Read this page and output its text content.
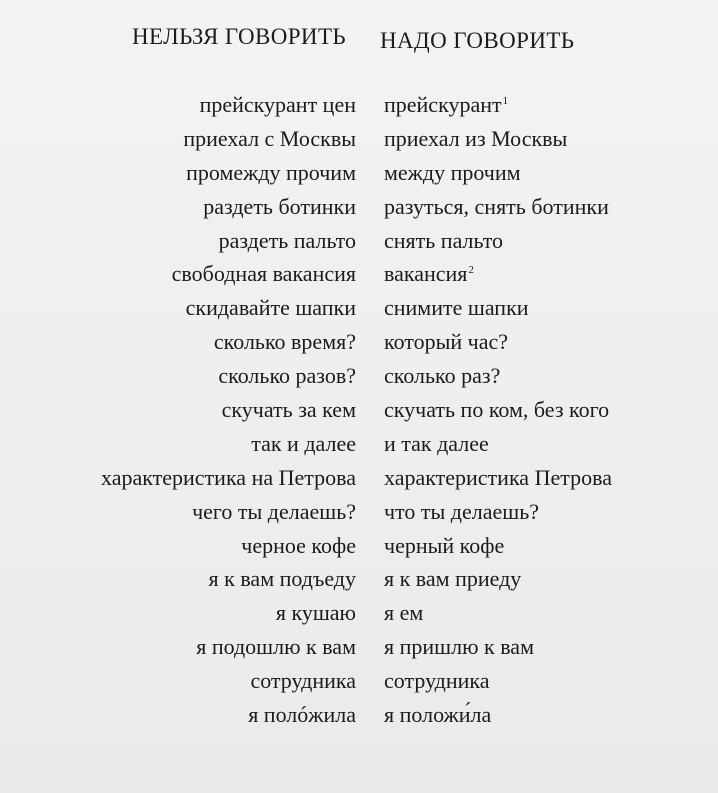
НЕЛЬЗЯ ГОВОРИТЬ НАДО ГОВОРИТЬ
прейскурант цен прейскурант$^1$
приехал с Москвы приехал из Москвы
промежду прочим между прочим
раздеть ботинки разуться, снять ботинки
раздеть пальто снять пальто
свободная вакансия вакансия$^2$
скидавайте шапки снимите шапки
сколько время? который час?
сколько разов? сколько раз?
скучать за кем скучать по ком, без кого
так и далее и так далее
характеристика на Петрова характеристика Петрова
чего ты делаешь? что ты делаешь?
черное кофе черный кофе
я к вам подъеду я к вам приеду
я кушаю я ем
я подошлю к вам я пришлю к вам
сотрудника сотрудника
я полóжила я положи́ла
